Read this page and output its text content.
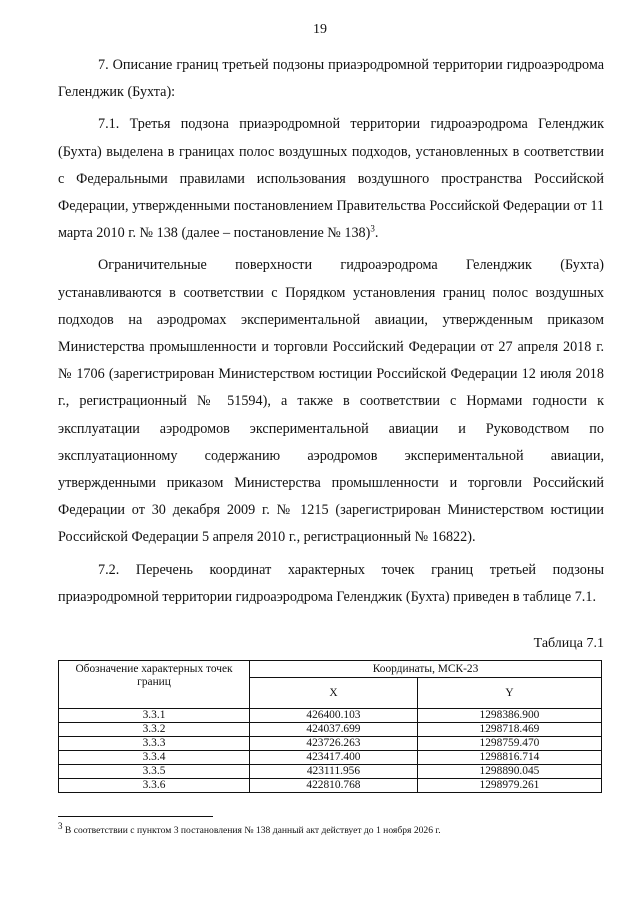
19

7. Описание границ третьей подзоны приаэродромной территории гидроаэродрома Геленджик (Бухта):

7.1. Третья подзона приаэродромной территории гидроаэродрома Геленджик (Бухта) выделена в границах полос воздушных подходов, установленных в соответствии с Федеральными правилами использования воздушного пространства Российской Федерации, утвержденными постановлением Правительства Российской Федерации от 11 марта 2010 г. № 138 (далее – постановление № 138)$^3$.

Ограничительные поверхности гидроаэродрома Геленджик (Бухта) устанавливаются в соответствии с Порядком установления границ полос воздушных подходов на аэродромах экспериментальной авиации, утвержденным приказом Министерства промышленности и торговли Российский Федерации от 27 апреля 2018 г. № 1706 (зарегистрирован Министерством юстиции Российской Федерации 12 июля 2018 г., регистрационный № 51594), а также в соответствии с Нормами годности к эксплуатации аэродромов экспериментальной авиации и Руководством по эксплуатационному содержанию аэродромов экспериментальной авиации, утвержденными приказом Министерства промышленности и торговли Российский Федерации от 30 декабря 2009 г. № 1215 (зарегистрирован Министерством юстиции Российской Федерации 5 апреля 2010 г., регистрационный № 16822).

7.2. Перечень координат характерных точек границ третьей подзоны приаэродромной территории гидроаэродрома Геленджик (Бухта) приведен в таблице 7.1.

Таблица 7.1
Обозначение характерных точек границ	Координаты, МСК-23	
	X	Y
3.3.1	426400.103	1298386.900
3.3.2	424037.699	1298718.469
3.3.3	423726.263	1298759.470
3.3.4	423417.400	1298816.714
3.3.5	423111.956	1298890.045
3.3.6	422810.768	1298979.261
$^3$ В соответствии с пунктом 3 постановления № 138 данный акт действует до 1 ноября 2026 г.
